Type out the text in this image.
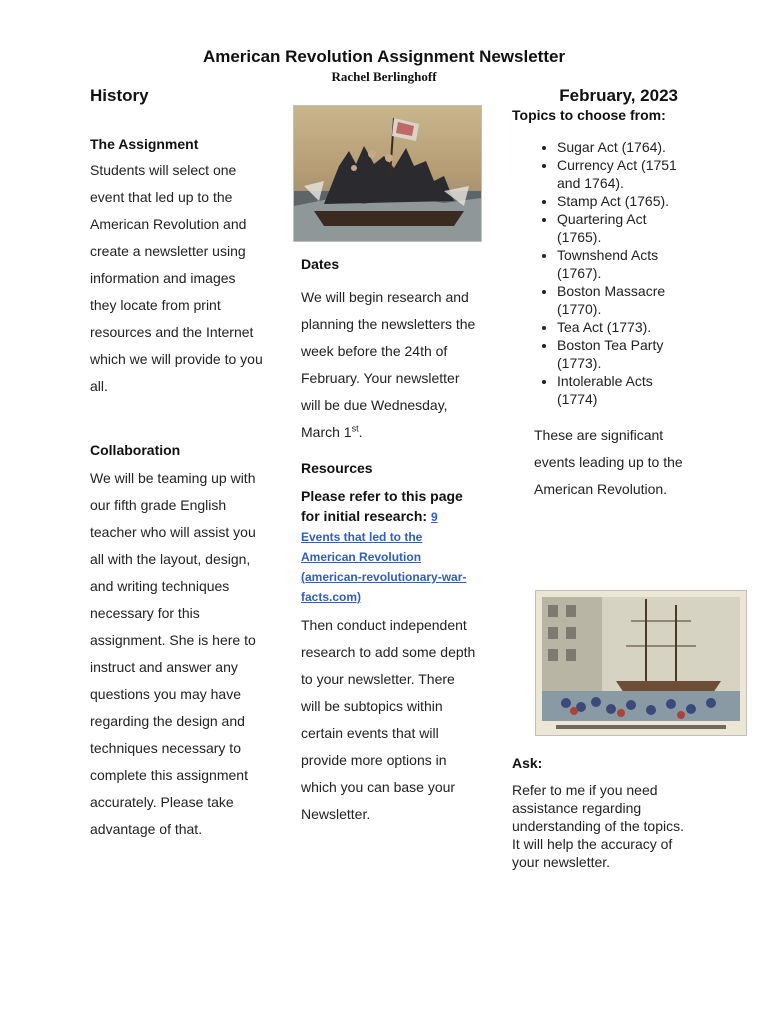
American Revolution Assignment Newsletter
Rachel Berlinghoff
History	February, 2023
The Assignment

Students will select one event that led up to the American Revolution and create a newsletter using information and images they locate from print resources and the Internet which we will provide to you all.

Collaboration

We will be teaming up with our fifth grade English teacher who will assist you all with the layout, design, and writing techniques necessary for this assignment. She is here to instruct and answer any questions you may have regarding the design and techniques necessary to complete this assignment accurately. Please take advantage of that.

Dates

We will begin research and planning the newsletters the week before the 24th of February. Your newsletter will be due Wednesday, March 1st.

Resources

Please refer to this page for initial research: 9 Events that led to the American Revolution (american-revolutionary-war-facts.com)

Then conduct independent research to add some depth to your newsletter. There will be subtopics within certain events that will provide more options in which you can base your Newsletter.

Topics to choose from:
• Sugar Act (1764).
• Currency Act (1751 and 1764).
• Stamp Act (1765).
• Quartering Act (1765).
• Townshend Acts (1767).
• Boston Massacre (1770).
• Tea Act (1773).
• Boston Tea Party (1773).
• Intolerable Acts (1774)

These are significant events leading up to the American Revolution.

Ask:

Refer to me if you need assistance regarding understanding of the topics. It will help the accuracy of your newsletter.
